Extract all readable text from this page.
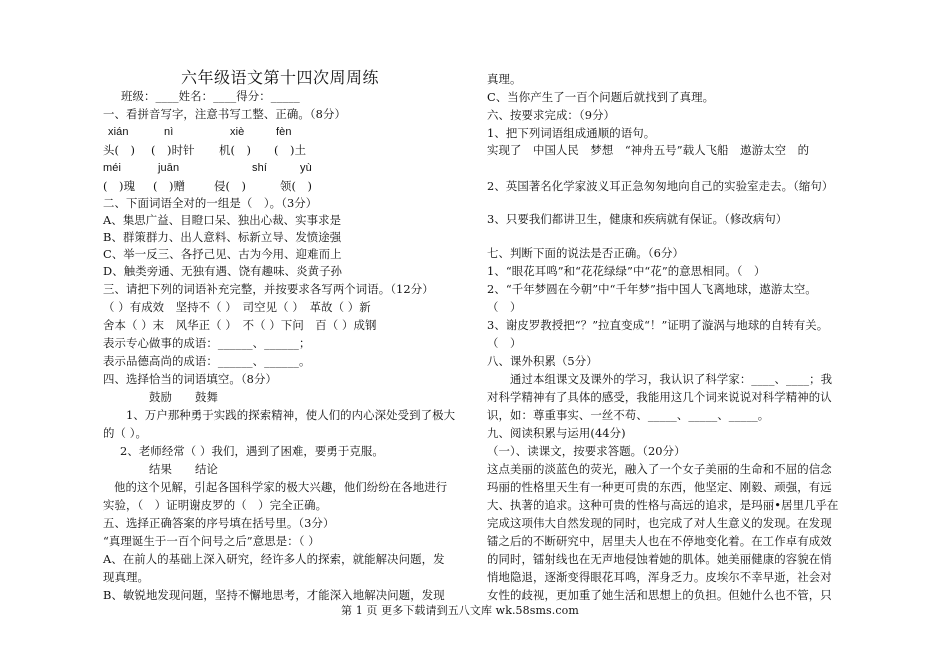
六年级语文第十四次周周练
班级：____姓名：____得分：_____
一、看拼音写字，注意书写工整、正确。（8分）
xián	nì	xiè	fèn
头(　) (　)时针 机(　) (　)土
méi	juān	shí	yù
(　)瑰 (　)赠	侵(　)	领(　)
二、下面词语全对的一组是（　）。（3分）
A、集思广益、目瞪口呆、独出心裁、实事求是
B、群策群力、出人意料、标新立导、发愤途强
C、举一反三、各抒己见、古为今用、迎难而上
D、触类旁通、无独有遇、饶有趣味、炎黄子孙
三、请把下列的词语补充完整，并按要求各写两个词语。（12分）
（ ）有成效　坚持不（ ）　司空见（ ）　革故（ ）新
舍本（ ）末　风华正（ ）　不（ ）下问　百（ ）成钢
表示专心做事的成语：______、______；
表示品德高尚的成语：______、______。
四、选择恰当的词语填空。（8分）
鼓励　　鼓舞
1、万户那种勇于实践的探索精神，使人们的内心深处受到了极大
的（ ）。
2、老师经常（ ）我们，遇到了困难，要勇于克服。
结果　　结论
他的这个见解，引起各国科学家的极大兴趣，他们纷纷在各地进行
实验，（　）证明谢皮罗的（　）完全正确。
五、选择正确答案的序号填在括号里。（3分）
“真理诞生于一百个问号之后”意思是：（ ）
A、在前人的基础上深入研究，经许多人的探索，就能解决问题，发
现真理。
B、敏锐地发现问题，坚持不懈地思考，才能深入地解决问题，发现
真理。
C、当你产生了一百个问题后就找到了真理。
六、按要求完成：（9分）
1、把下列词语组成通顺的语句。
实现了　中国人民　梦想　“神舟五号”载人飞船　遨游太空　的
2、英国著名化学家波义耳正急匆匆地向自己的实验室走去。（缩句）
3、只要我们都讲卫生，健康和疾病就有保证。（修改病句）
七、判断下面的说法是否正确。（6分）
1、“眼花耳鸣”和“花花绿绿”中“花”的意思相同。（　）
2、“千年梦圆在今朝”中“千年梦”指中国人飞离地球，遨游太空。
（　）
3、谢皮罗教授把“？”拉直变成“！”证明了漩涡与地球的自转有关。
（　）
八、课外积累（5分）
通过本组课文及课外的学习，我认识了科学家：____、____；我
对科学精神有了具体的感受，我能用这几个词来说说对科学精神的认
识，如：尊重事实、一丝不苟、_____、_____、_____。
九、阅读积累与运用(44分)
（一）、读课文，按要求答题。（20分）
这点美丽的淡蓝色的荧光，融入了一个女子美丽的生命和不屈的信念
玛丽的性格里天生有一种更可贵的东西，他坚定、刚毅、顽强，有远
大、执著的追求。这种可贵的性格与高远的追求，是玛丽•居里几乎在
完成这项伟大自然发现的同时，也完成了对人生意义的发现。在发现
镭之后的不断研究中，居里夫人也在不停地变化着。在工作卓有成效
的同时，镭射线也在无声地侵蚀着她的肌体。她美丽健康的容貌在悄
悄地隐退，逐渐变得眼花耳鸣，浑身乏力。皮埃尔不幸早逝，社会对
女性的歧视，更加重了她生活和思想上的负担。但她什么也不管，只
第 1 页 更多下载请到五八文库 wk.58sms.com
